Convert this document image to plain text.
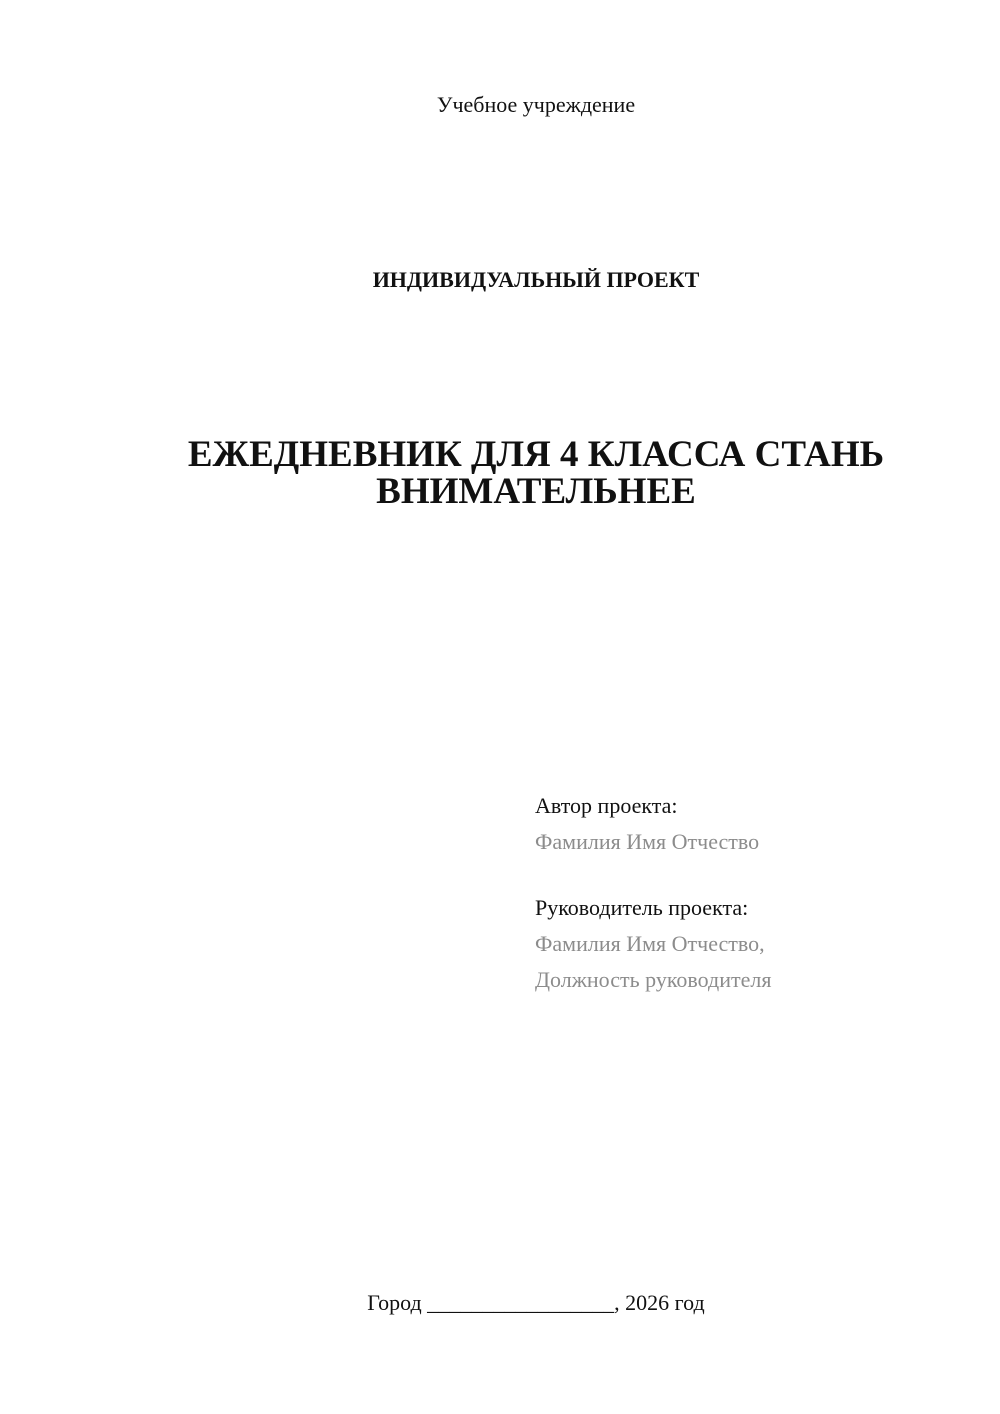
Учебное учреждение
ИНДИВИДУАЛЬНЫЙ ПРОЕКТ
ЕЖЕДНЕВНИК ДЛЯ 4 КЛАССА СТАНЬ
ВНИМАТЕЛЬНЕЕ
Автор проекта:
Фамилия Имя Отчество
Руководитель проекта:
Фамилия Имя Отчество,
Должность руководителя
Город _________________, 2026 год
